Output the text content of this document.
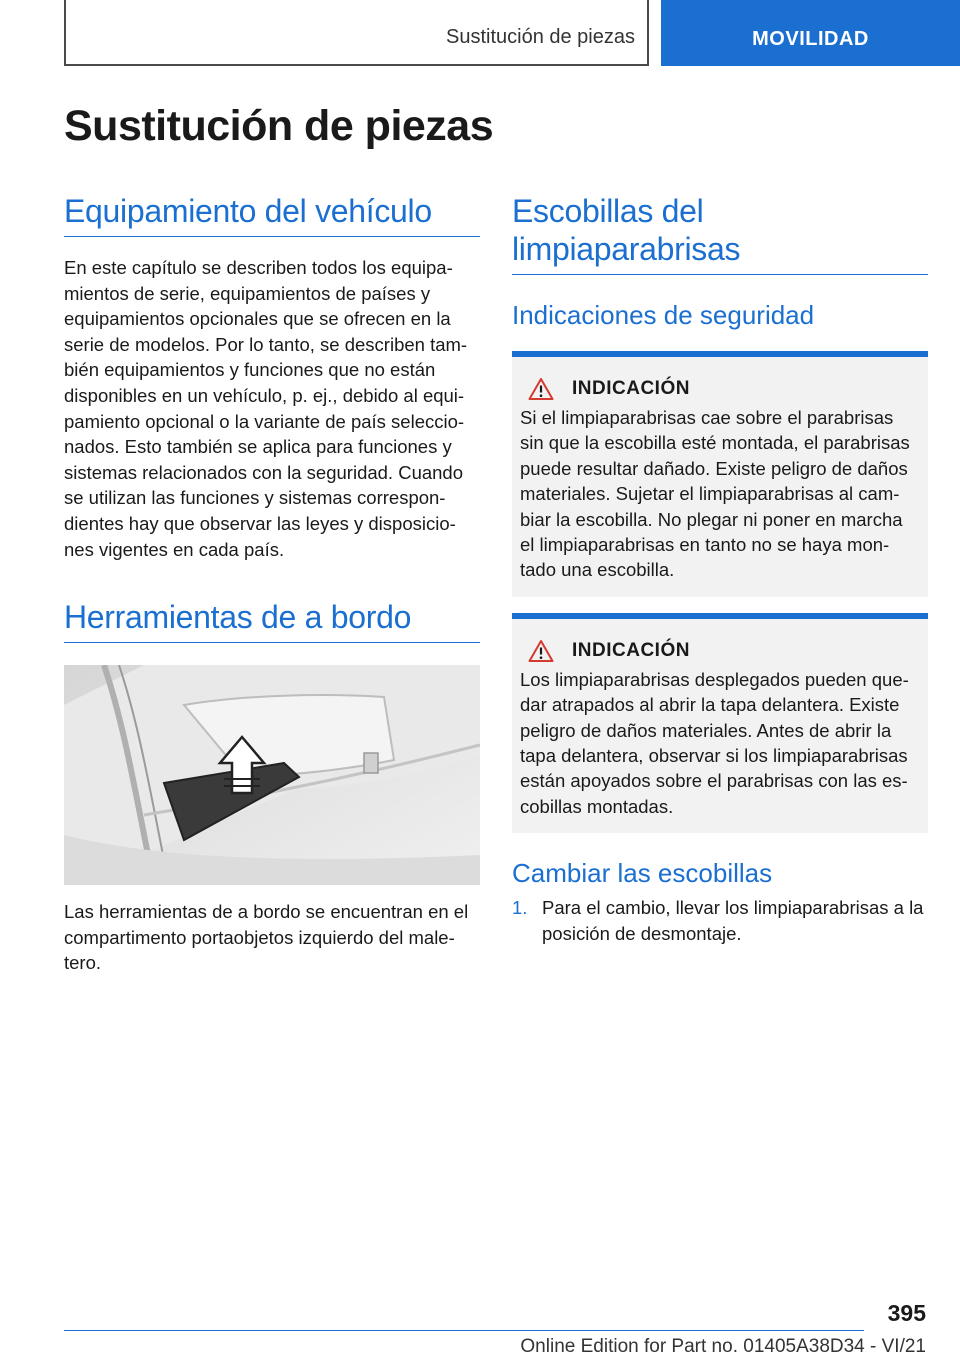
Sustitución de piezas	MOVILIDAD
Sustitución de piezas
Equipamiento del vehículo

En este capítulo se describen todos los equipa-mientos de serie, equipamientos de países y equipamientos opcionales que se ofrecen en la serie de modelos. Por lo tanto, se describen tam-bién equipamientos y funciones que no están disponibles en un vehículo, p. ej., debido al equi-pamiento opcional o la variante de país seleccio-nados. Esto también se aplica para funciones y sistemas relacionados con la seguridad. Cuando se utilizan las funciones y sistemas correspon-dientes hay que observar las leyes y disposicio-nes vigentes en cada país.

Herramientas de a bordo

Las herramientas de a bordo se encuentran en el compartimento portaobjetos izquierdo del male-tero.

Escobillas del limpiaparabrisas
Indicaciones de seguridad
INDICACIÓN

Si el limpiaparabrisas cae sobre el parabrisas sin que la escobilla esté montada, el parabrisas puede resultar dañado. Existe peligro de daños materiales. Sujetar el limpiaparabrisas al cam-biar la escobilla. No plegar ni poner en marcha el limpiaparabrisas en tanto no se haya mon-tado una escobilla.

INDICACIÓN

Los limpiaparabrisas desplegados pueden que-dar atrapados al abrir la tapa delantera. Existe peligro de daños materiales. Antes de abrir la tapa delantera, observar si los limpiaparabrisas están apoyados sobre el parabrisas con las es-cobillas montadas.

Cambiar las escobillas
1. Para el cambio, llevar los limpiaparabrisas a la posición de desmontaje.
395
Online Edition for Part no. 01405A38D34 - VI/21
